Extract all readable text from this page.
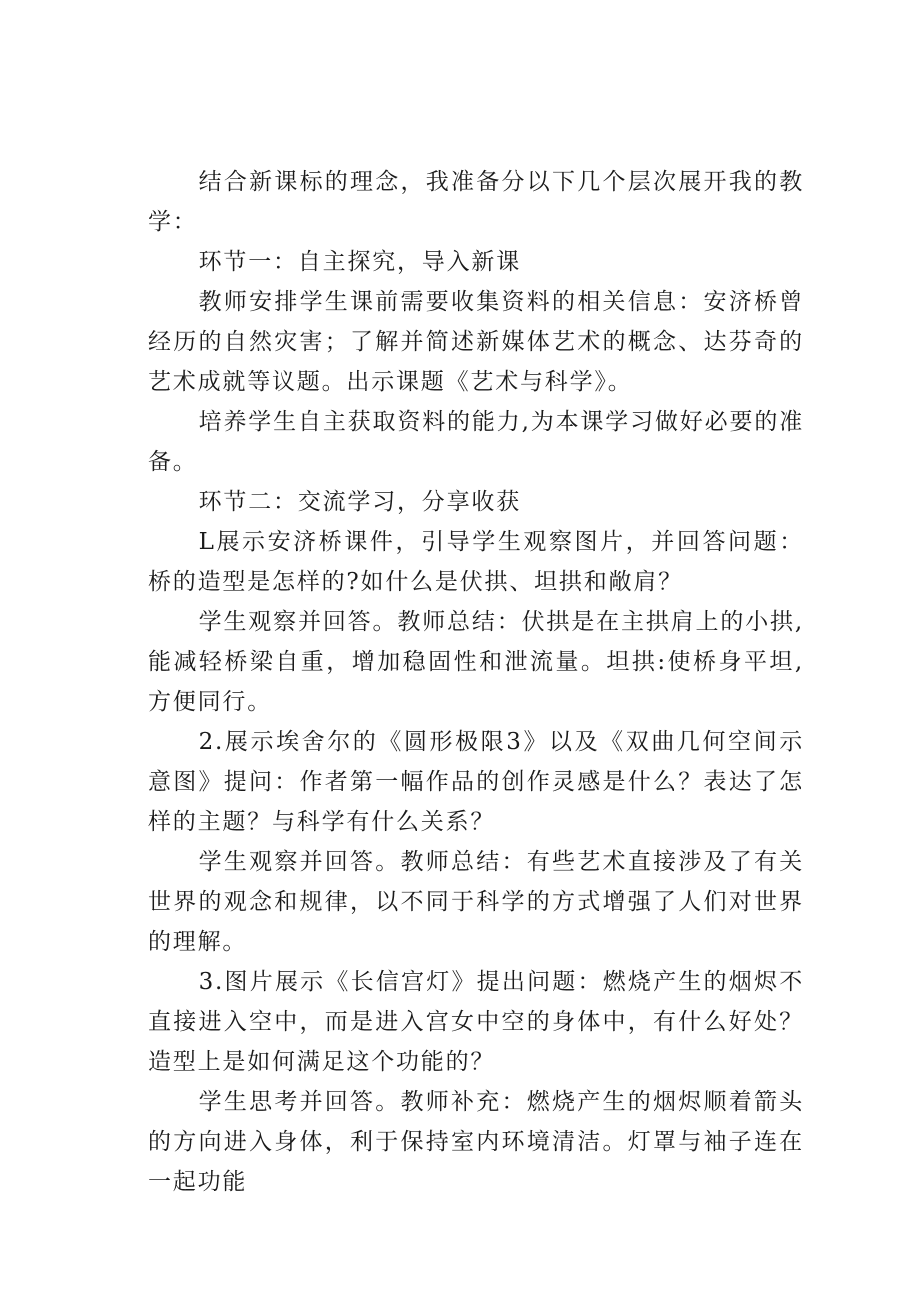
结合新课标的理念，我准备分以下几个层次展开我的教学：

环节一：自主探究，导入新课

教师安排学生课前需要收集资料的相关信息：安济桥曾经历的自然灾害；了解并简述新媒体艺术的概念、达芬奇的艺术成就等议题。出示课题《艺术与科学》。

培养学生自主获取资料的能力,为本课学习做好必要的准备。

环节二：交流学习，分享收获

L展示安济桥课件，引导学生观察图片，并回答问题：桥的造型是怎样的?如什么是伏拱、坦拱和敞肩？

学生观察并回答。教师总结：伏拱是在主拱肩上的小拱,能减轻桥梁自重，增加稳固性和泄流量。坦拱:使桥身平坦,方便同行。

2.展示埃舍尔的《圆形极限3》以及《双曲几何空间示意图》提问：作者第一幅作品的创作灵感是什么？表达了怎样的主题？与科学有什么关系？

学生观察并回答。教师总结：有些艺术直接涉及了有关世界的观念和规律，以不同于科学的方式增强了人们对世界的理解。

3.图片展示《长信宫灯》提出问题：燃烧产生的烟烬不直接进入空中，而是进入宫女中空的身体中，有什么好处？造型上是如何满足这个功能的？

学生思考并回答。教师补充：燃烧产生的烟烬顺着箭头的方向进入身体，利于保持室内环境清洁。灯罩与袖子连在一起功能
